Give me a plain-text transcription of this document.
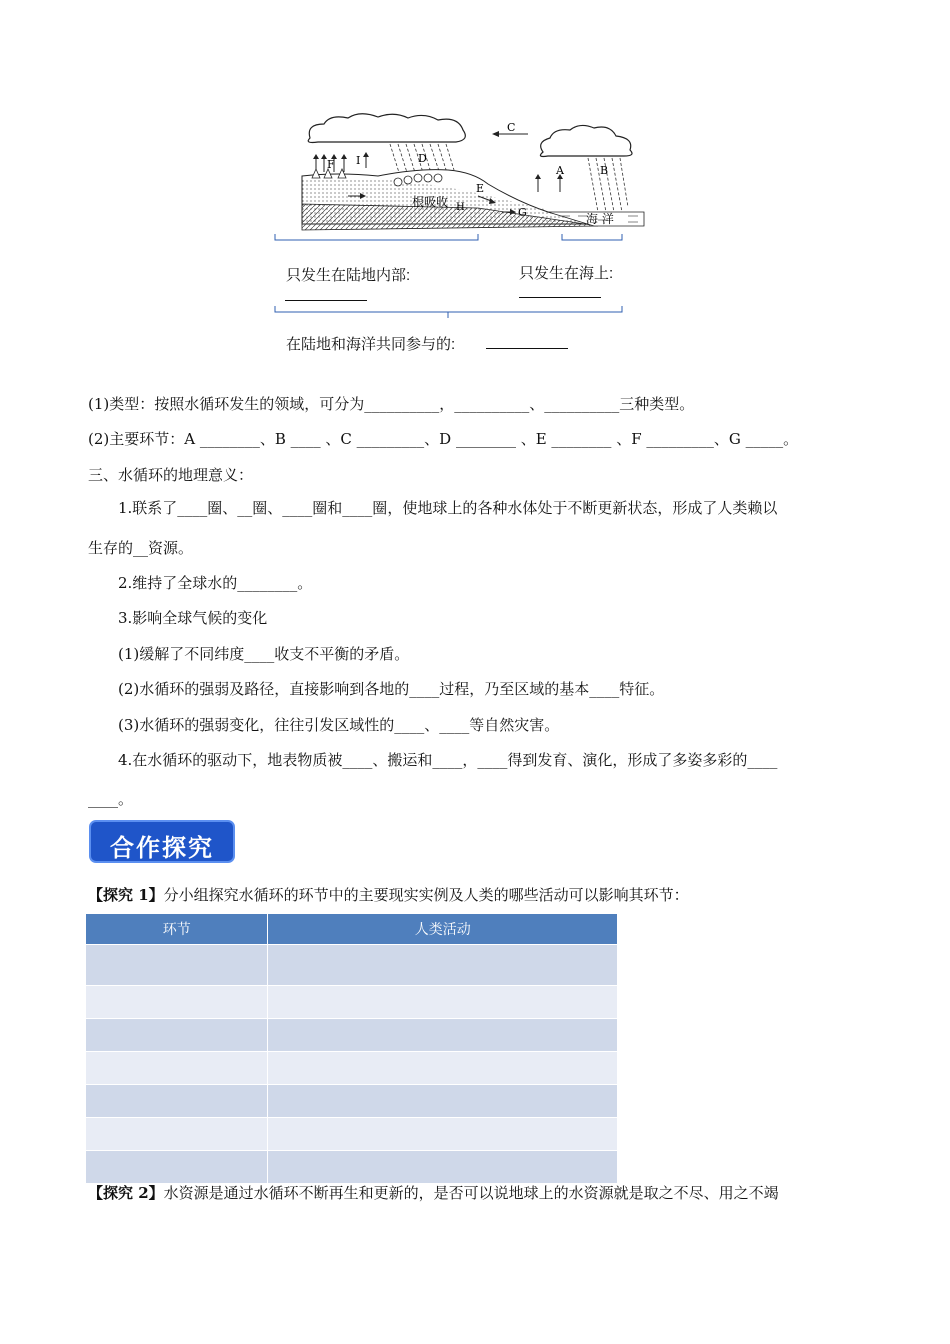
C
D
B
F I
A
E
G
H
根吸收
海 洋
只发生在陆地内部:	只发生在海上:
在陆地和海洋共同参与的:
(1)类型：按照水循环发生的领域，可分为__________，__________、__________三种类型。
(2)主要环节：A ________、B ____ 、C _________、D ________ 、E ________ 、F _________、G _____。
三、水循环的地理意义：
1.联系了____圈、__圈、____圈和____圈，使地球上的各种水体处于不断更新状态，形成了人类赖以
生存的__资源。
2.维持了全球水的________。
3.影响全球气候的变化
(1)缓解了不同纬度____收支不平衡的矛盾。
(2)水循环的强弱及路径，直接影响到各地的____过程，乃至区域的基本____特征。
(3)水循环的强弱变化，往往引发区域性的____、____等自然灾害。
4.在水循环的驱动下，地表物质被____、搬运和____，____得到发育、演化，形成了多姿多彩的____
____。
合作探究
【探究 1】分小组探究水循环的环节中的主要现实实例及人类的哪些活动可以影响其环节：
环节	人类活动

【探究 2】水资源是通过水循环不断再生和更新的，是否可以说地球上的水资源就是取之不尽、用之不竭
